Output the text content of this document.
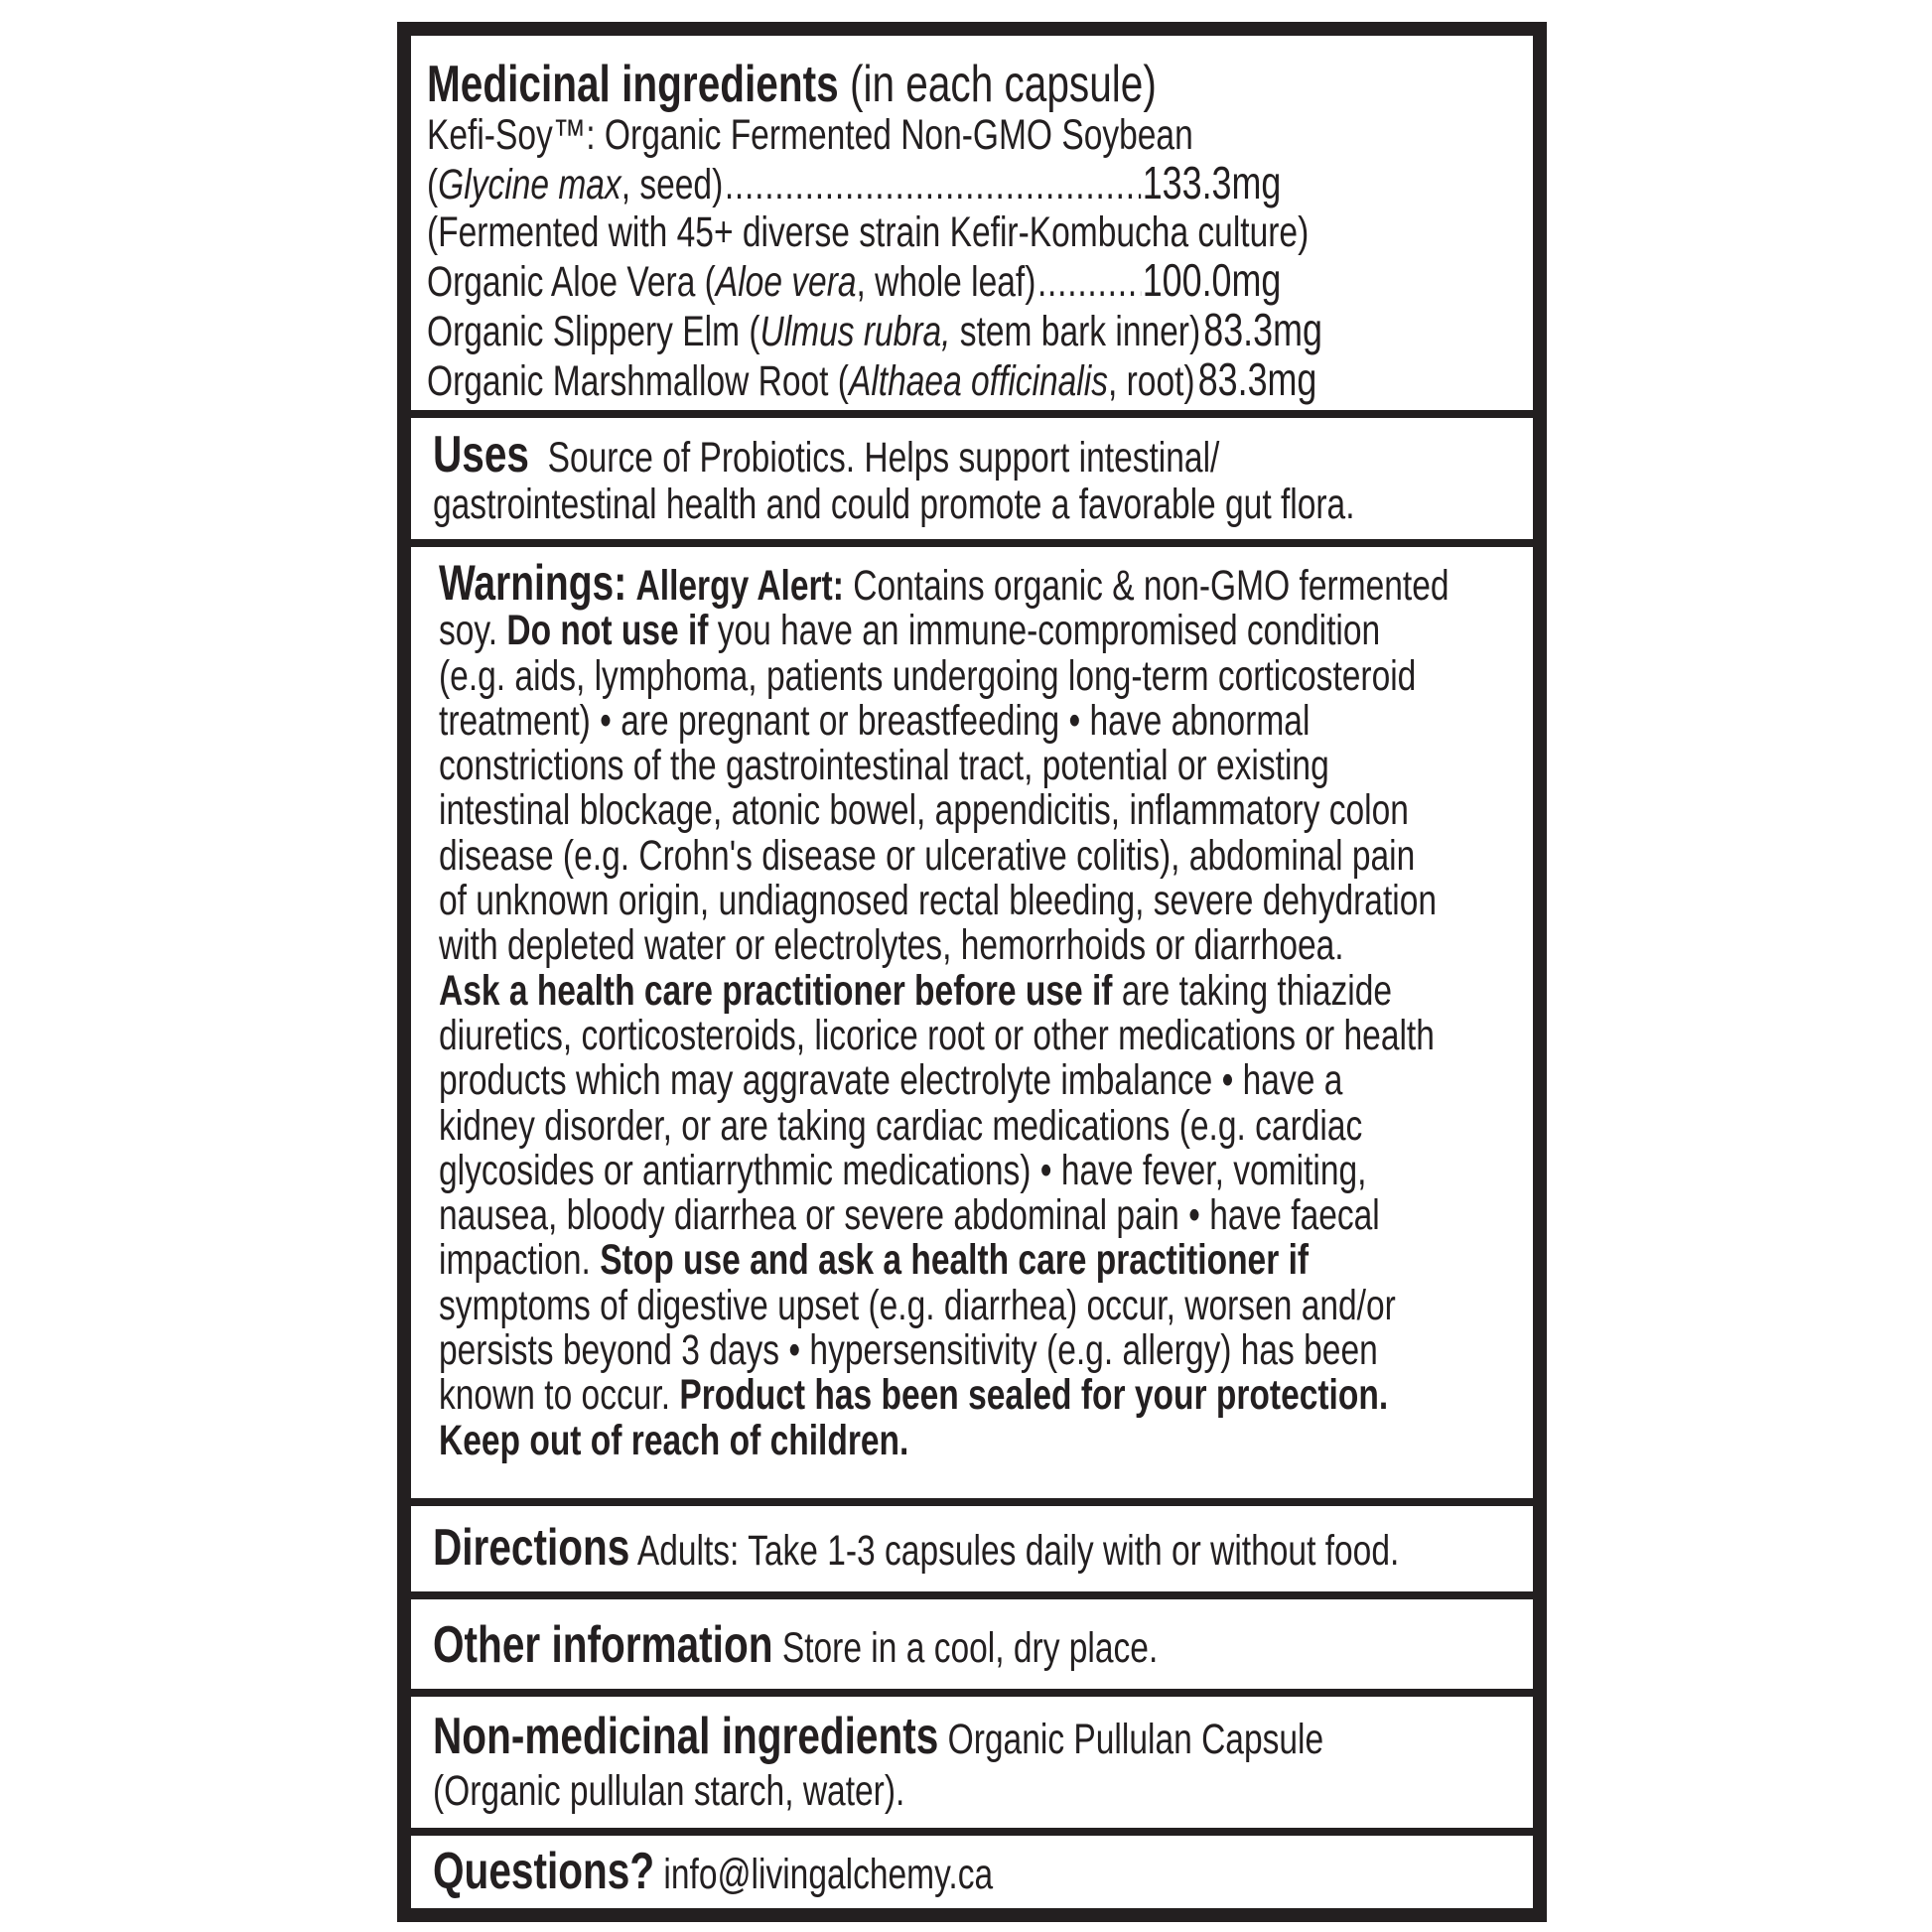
Medicinal ingredients (in each capsule)
Kefi-Soy™: Organic Fermented Non-GMO Soybean
(Glycine max, seed) .....	133.3mg
(Fermented with 45+ diverse strain Kefir-Kombucha culture)
Organic Aloe Vera (Aloe vera, whole leaf) ..... 100.0mg
Organic Slippery Elm (Ulmus rubra, stem bark inner) 83.3mg
Organic Marshmallow Root (Althaea officinalis, root) 83.3mg
Uses Source of Probiotics. Helps support intestinal/
gastrointestinal health and could promote a favorable gut flora.
Warnings: Allergy Alert: Contains organic & non-GMO fermented
soy. Do not use if you have an immune-compromised condition
(e.g. aids, lymphoma, patients undergoing long-term corticosteroid
treatment) • are pregnant or breastfeeding • have abnormal
constrictions of the gastrointestinal tract, potential or existing
intestinal blockage, atonic bowel, appendicitis, inflammatory colon
disease (e.g. Crohn's disease or ulcerative colitis), abdominal pain
of unknown origin, undiagnosed rectal bleeding, severe dehydration
with depleted water or electrolytes, hemorrhoids or diarrhoea.
Ask a health care practitioner before use if are taking thiazide
diuretics, corticosteroids, licorice root or other medications or health
products which may aggravate electrolyte imbalance • have a
kidney disorder, or are taking cardiac medications (e.g. cardiac
glycosides or antiarrythmic medications) • have fever, vomiting,
nausea, bloody diarrhea or severe abdominal pain • have faecal
impaction. Stop use and ask a health care practitioner if
symptoms of digestive upset (e.g. diarrhea) occur, worsen and/or
persists beyond 3 days • hypersensitivity (e.g. allergy) has been
known to occur. Product has been sealed for your protection.
Keep out of reach of children.
Directions Adults: Take 1-3 capsules daily with or without food.
Other information Store in a cool, dry place.
Non-medicinal ingredients Organic Pullulan Capsule
(Organic pullulan starch, water).
Questions? info@livingalchemy.ca
